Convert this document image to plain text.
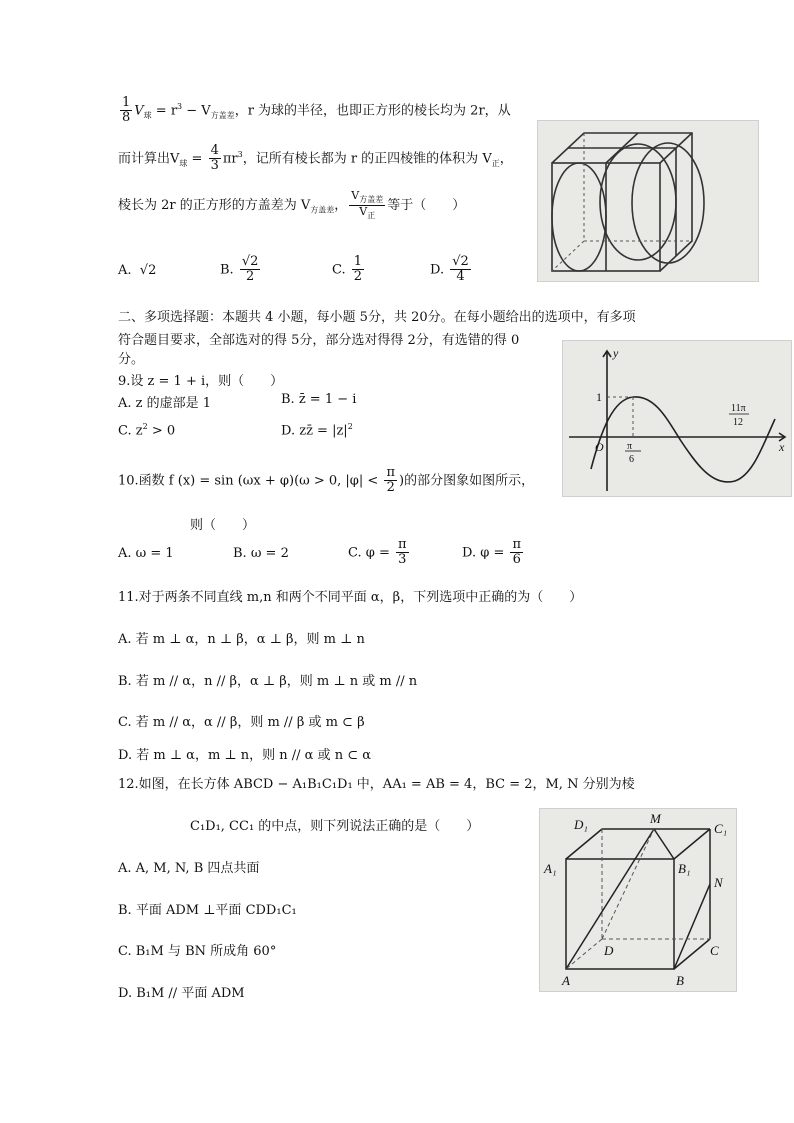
$\frac{1}{8} V_球 = r^3 - V_{方盖差}$，r 为球的半径，也即正方形的棱长均为 2r，从
而计算出$V_球 = \frac{4}{3} \pi r^3$，记所有棱长都为 r 的正四棱锥的体积为 $V_正$，
棱长为 2r 的正方形的方盖差为 $V_{方盖差}$， $\frac{V_{方盖差}}{V_正}$ 等于（　　）
A. √2	B. $\frac{√2}{2}$	C. $\frac{1}{2}$	D. $\frac{√2}{4}$
二、多项选择题：本题共 4 小题，每小题 5分，共 20分。在每小题给出的选项中，有多项
符合题目要求，全部选对的得 5分，部分选对得得 2分，有选错的得 0
分。
9.设 z = 1 + i，则（　　）
A. z 的虚部是 1	B. z̄ = 1 − i
C. $z^2 > 0$	D. zz̄ = $|z|^2$
y
x
O
1
π
6
11π
12
10.函数 f (x) = sin (ωx + φ)(ω > 0, $|\varphi| < \frac{\pi}{2}$ )的部分图象如图所示，
则（　　）
A. ω = 1	B. ω = 2	C. $\varphi = \frac{\pi}{3}$	D. $\varphi = \frac{\pi}{6}$
11.对于两条不同直线 m,n 和两个不同平面 α，β，下列选项中正确的为（　　）
A. 若 m ⊥ α，n ⊥ β，α ⊥ β，则 m ⊥ n
B. 若 m // α，n // β，α ⊥ β，则 m ⊥ n 或 m // n
C. 若 m // α，α // β，则 m // β 或 m ⊂ β
D. 若 m ⊥ α，m ⊥ n，则 n // α 或 n ⊂ α
12.如图，在长方体 ABCD − A₁B₁C₁D₁ 中，AA₁ = AB = 4，BC = 2，M, N 分别为棱
C₁D₁, CC₁ 的中点，则下列说法正确的是（　　）
A. A, M, N, B 四点共面
B. 平面 ADM ⊥平面 CDD₁C₁
C. B₁M 与 BN 所成角 60°
D. B₁M // 平面 ADM
D₁	M
C₁
A₁	B₁
N
D	C
A	B
